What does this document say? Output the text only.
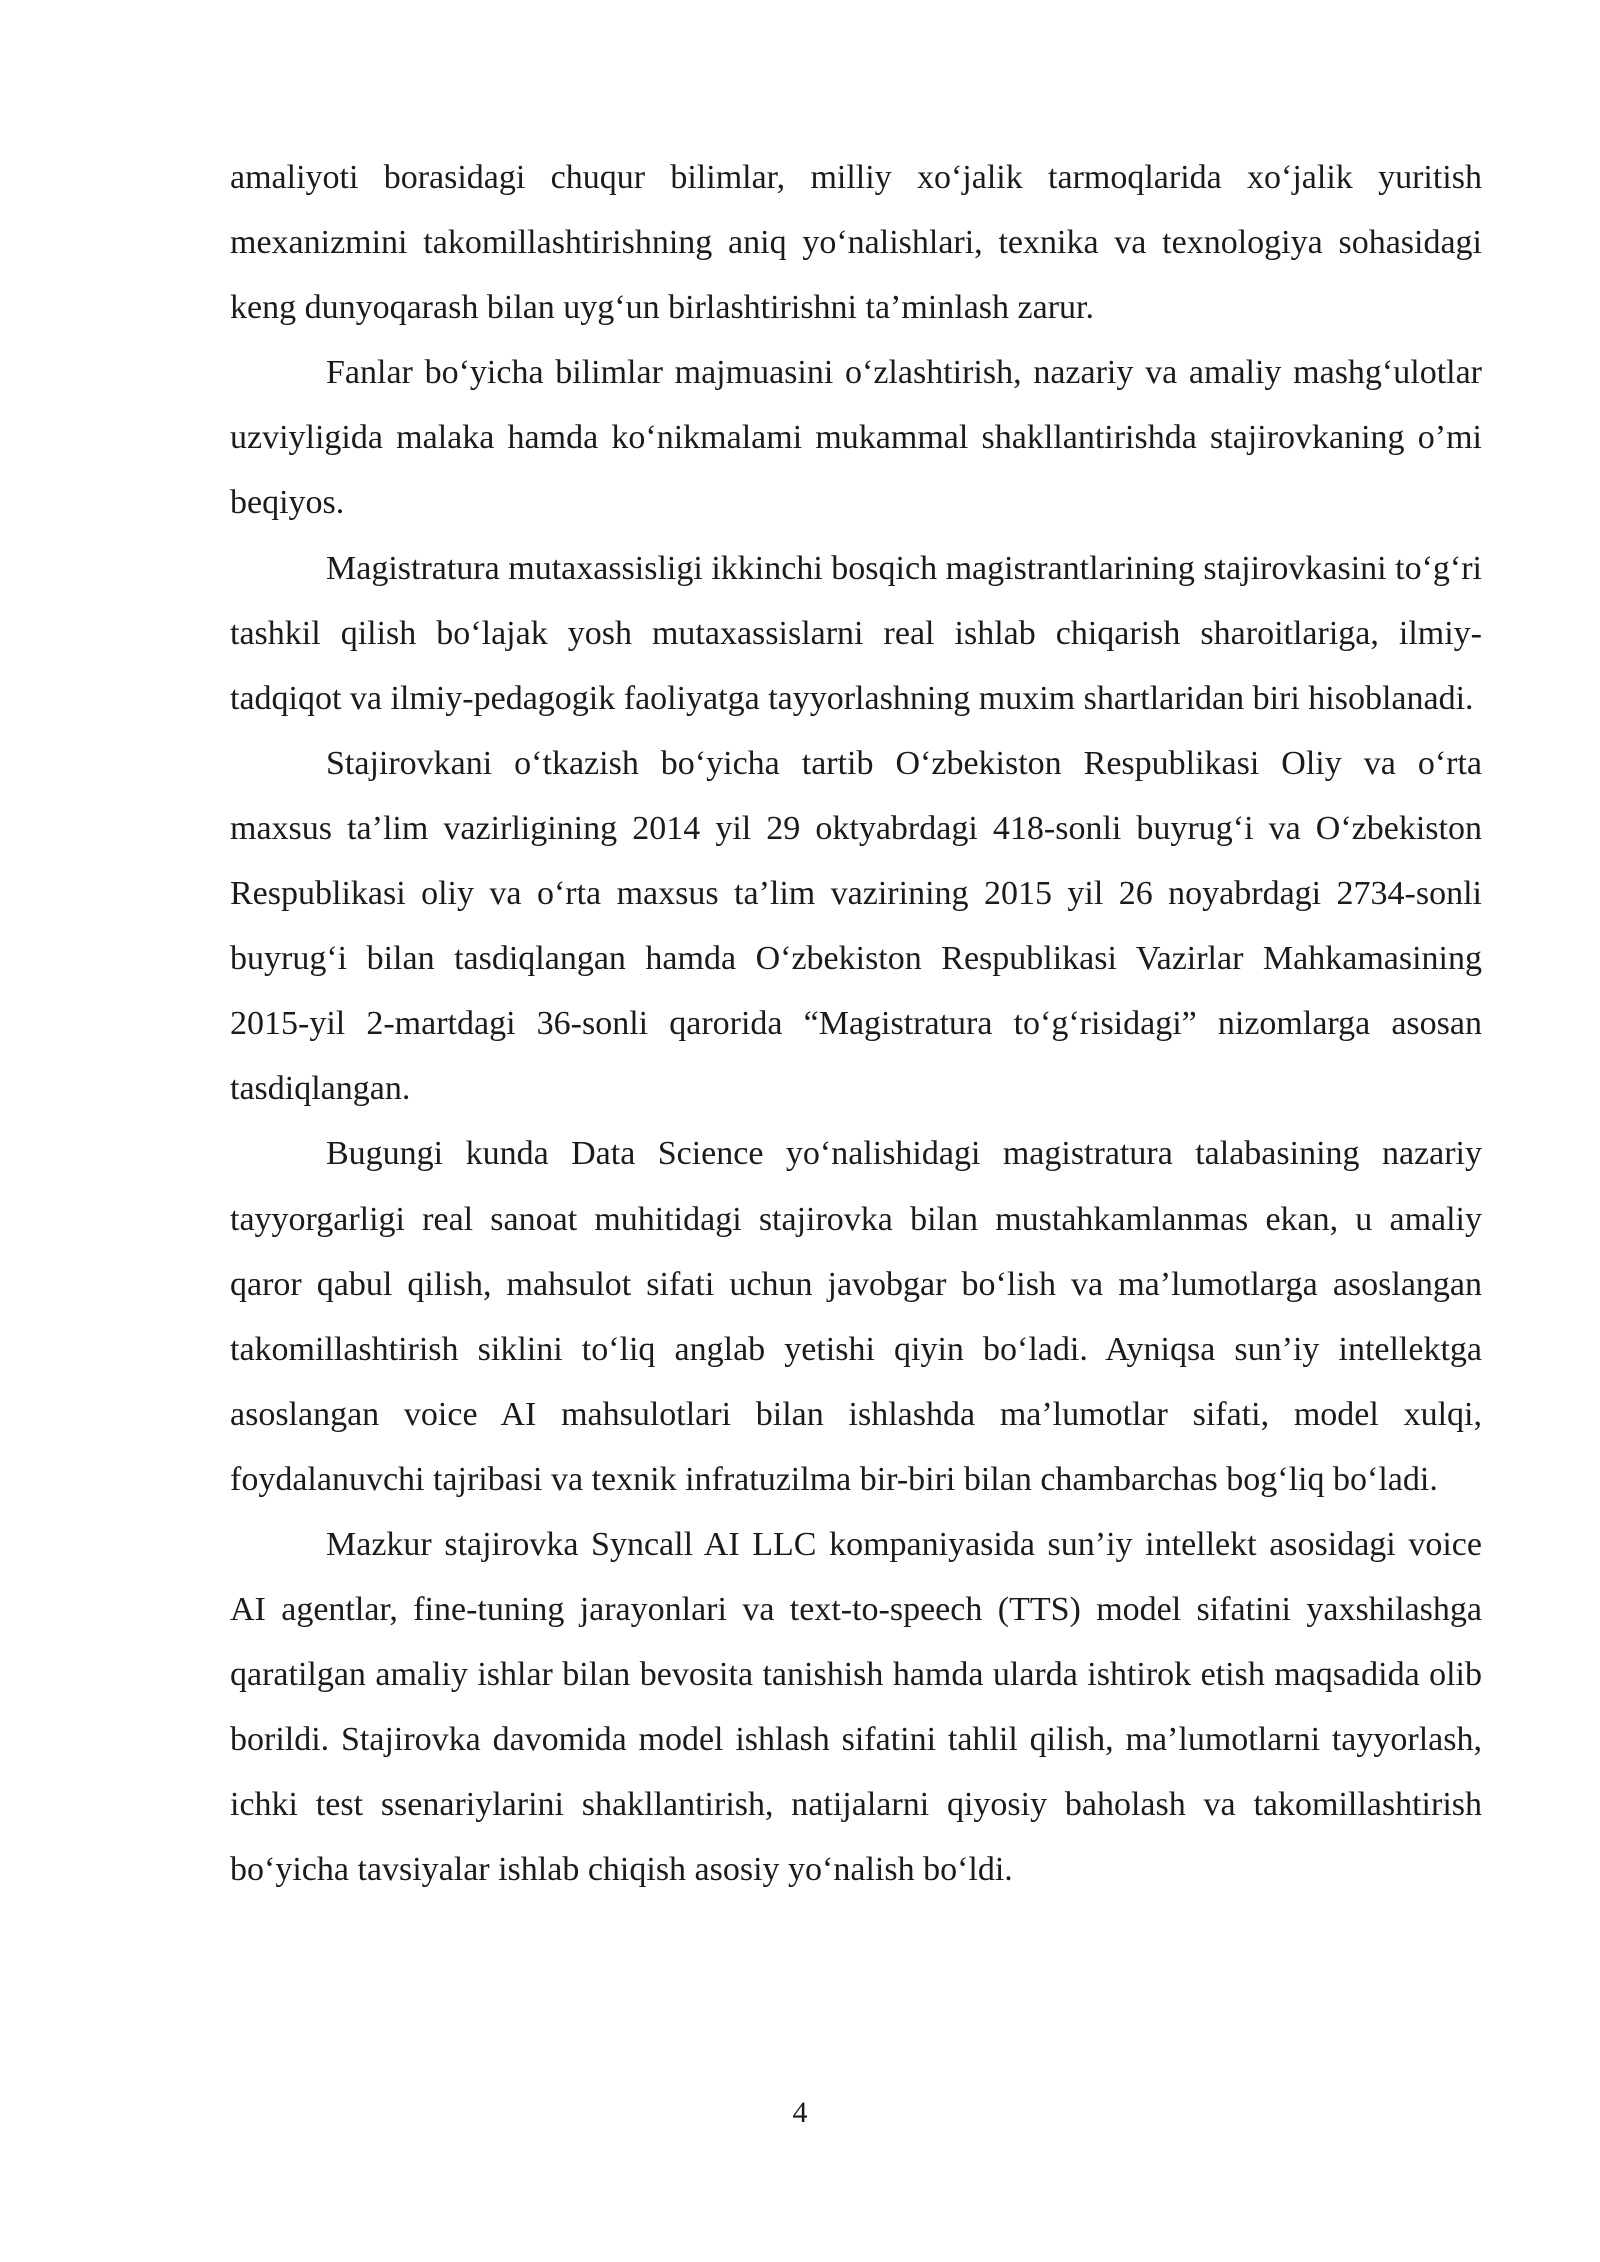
amaliyoti borasidagi chuqur bilimlar, milliy xo‘jalik tarmoqlarida xo‘jalik yuritish mexanizmini takomillashtirishning aniq yo‘nalishlari, texnika va texnologiya sohasidagi keng dunyoqarash bilan uyg‘un birlashtirishni ta’minlash zarur.

Fanlar bo‘yicha bilimlar majmuasini o‘zlashtirish, nazariy va amaliy mashg‘ulotlar uzviyligida malaka hamda ko‘nikmalami mukammal shakllantirishda stajirovkaning o’mi beqiyos.

Magistratura mutaxassisligi ikkinchi bosqich magistrantlarining stajirovkasini to‘g‘ri tashkil qilish bo‘lajak yosh mutaxassislarni real ishlab chiqarish sharoitlariga, ilmiy-tadqiqot va ilmiy-pedagogik faoliyatga tayyorlashning muxim shartlaridan biri hisoblanadi.

Stajirovkani o‘tkazish bo‘yicha tartib O‘zbekiston Respublikasi Oliy va o‘rta maxsus ta’lim vazirligining 2014 yil 29 oktyabrdagi 418-sonli buyrug‘i va O‘zbekiston Respublikasi oliy va o‘rta maxsus ta’lim vazirining 2015 yil 26 noyabrdagi 2734-sonli buyrug‘i bilan tasdiqlangan hamda O‘zbekiston Respublikasi Vazirlar Mahkamasining 2015-yil 2-martdagi 36-sonli qarorida “Magistratura to‘g‘risidagi” nizomlarga asosan tasdiqlangan.

Bugungi kunda Data Science yo‘nalishidagi magistratura talabasining nazariy tayyorgarligi real sanoat muhitidagi stajirovka bilan mustahkamlanmas ekan, u amaliy qaror qabul qilish, mahsulot sifati uchun javobgar bo‘lish va ma’lumotlarga asoslangan takomillashtirish siklini to‘liq anglab yetishi qiyin bo‘ladi. Ayniqsa sun’iy intellektga asoslangan voice AI mahsulotlari bilan ishlashda ma’lumotlar sifati, model xulqi, foydalanuvchi tajribasi va texnik infratuzilma bir-biri bilan chambarchas bog‘liq bo‘ladi.

Mazkur stajirovka Syncall AI LLC kompaniyasida sun’iy intellekt asosidagi voice AI agentlar, fine-tuning jarayonlari va text-to-speech (TTS) model sifatini yaxshilashga qaratilgan amaliy ishlar bilan bevosita tanishish hamda ularda ishtirok etish maqsadida olib borildi. Stajirovka davomida model ishlash sifatini tahlil qilish, ma’lumotlarni tayyorlash, ichki test ssenariylarini shakllantirish, natijalarni qiyosiy baholash va takomillashtirish bo‘yicha tavsiyalar ishlab chiqish asosiy yo‘nalish bo‘ldi.

4
